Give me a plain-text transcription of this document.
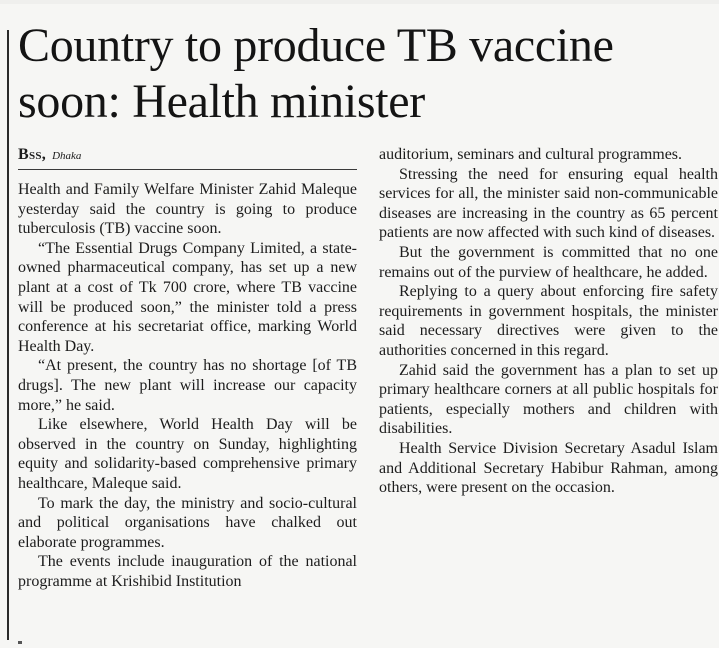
Country to produce TB vaccine soon: Health minister
Bss, Dhaka

Health and Family Welfare Minister Zahid Maleque yesterday said the country is going to produce tuberculosis (TB) vaccine soon.

“The Essential Drugs Company Limited, a state-owned pharmaceutical company, has set up a new plant at a cost of Tk 700 crore, where TB vaccine will be produced soon,” the minister told a press conference at his secretariat office, marking World Health Day.

“At present, the country has no shortage [of TB drugs]. The new plant will increase our capacity more,” he said.

Like elsewhere, World Health Day will be observed in the country on Sunday, highlighting equity and solidarity-based comprehensive primary healthcare, Maleque said.

To mark the day, the ministry and socio-cultural and political organisations have chalked out elaborate programmes.

The events include inauguration of the national programme at Krishibid Institution

auditorium, seminars and cultural programmes.

Stressing the need for ensuring equal health services for all, the minister said non-communicable diseases are increasing in the country as 65 percent patients are now affected with such kind of diseases.

But the government is committed that no one remains out of the purview of healthcare, he added.

Replying to a query about enforcing fire safety requirements in government hospitals, the minister said necessary directives were given to the authorities concerned in this regard.

Zahid said the government has a plan to set up primary healthcare corners at all public hospitals for patients, especially mothers and children with disabilities.

Health Service Division Secretary Asadul Islam and Additional Secretary Habibur Rahman, among others, were present on the occasion.
